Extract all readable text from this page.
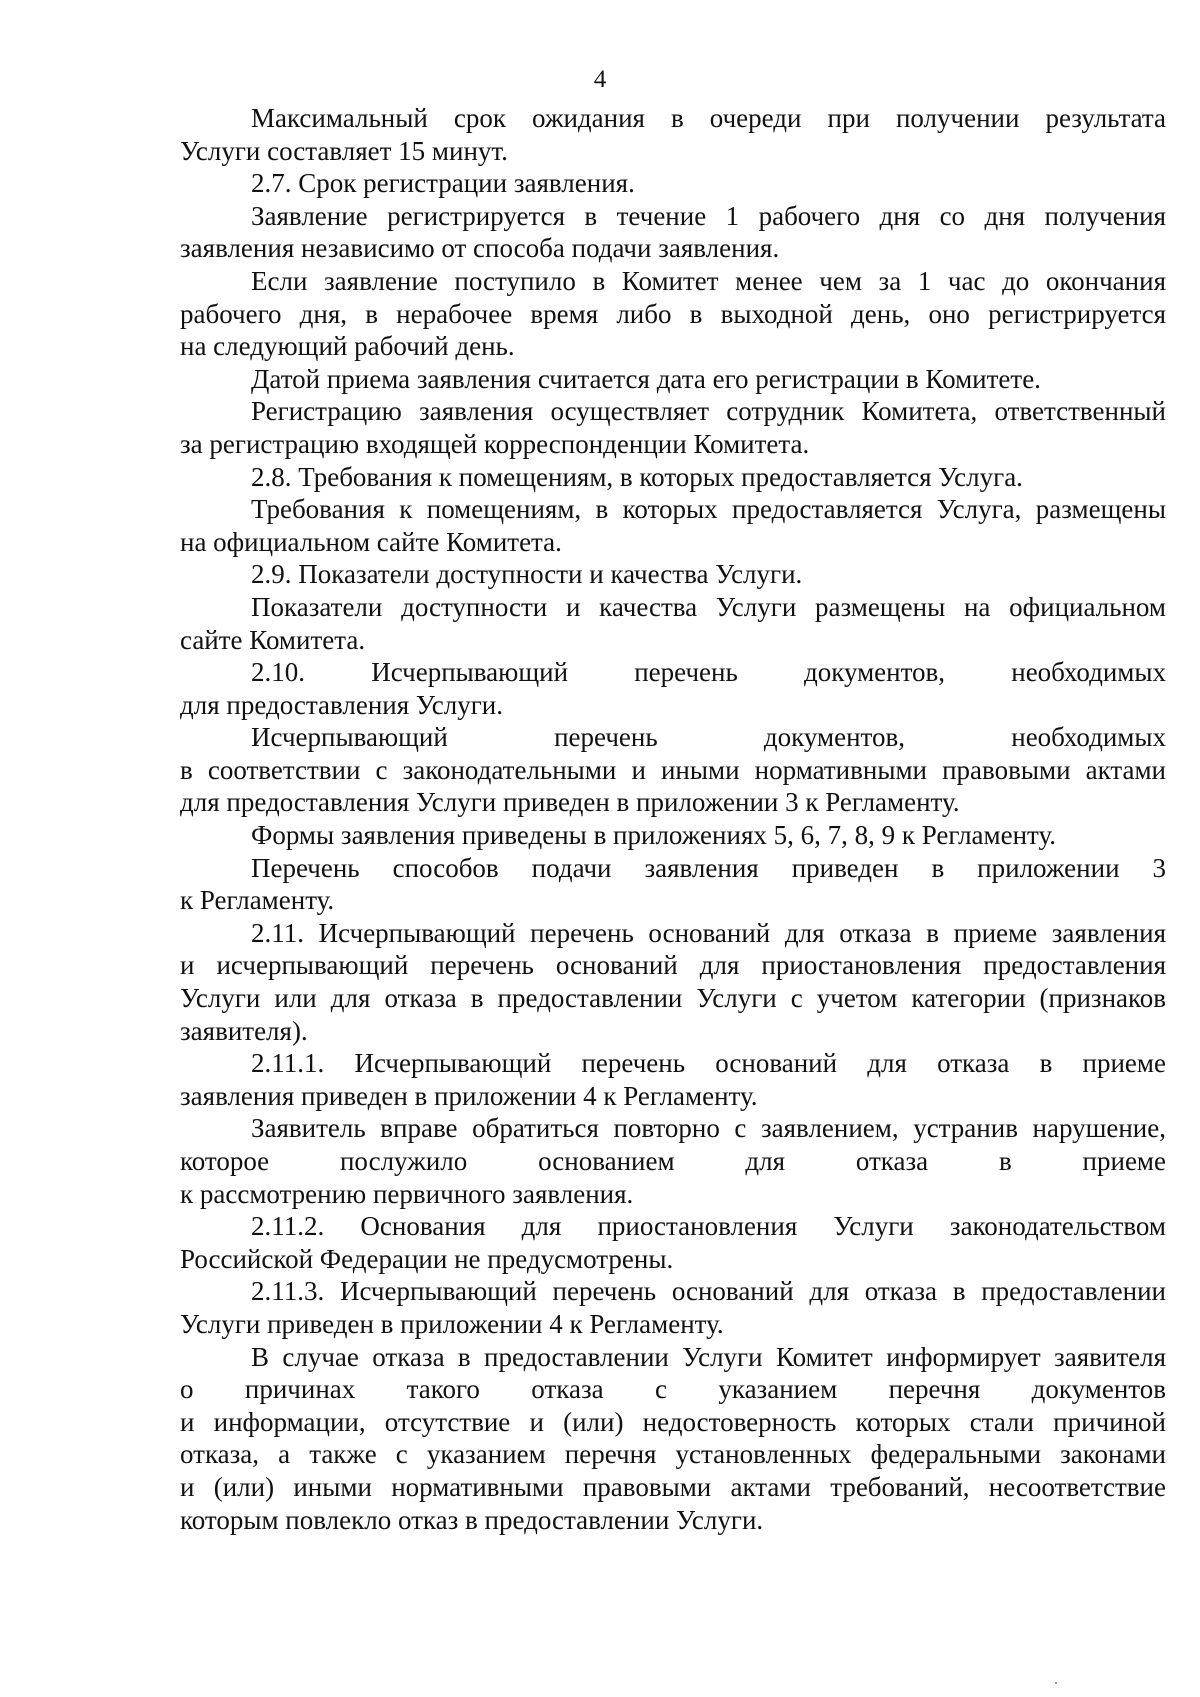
4

Максимальный срок ожидания в очереди при получении результата
Услуги составляет 15 минут.

2.7. Срок регистрации заявления.

Заявление регистрируется в течение 1 рабочего дня со дня получения
заявления независимо от способа подачи заявления.

Если заявление поступило в Комитет менее чем за 1 час до окончания
рабочего дня, в нерабочее время либо в выходной день, оно регистрируется
на следующий рабочий день.

Датой приема заявления считается дата его регистрации в Комитете.

Регистрацию заявления осуществляет сотрудник Комитета, ответственный
за регистрацию входящей корреспонденции Комитета.

2.8. Требования к помещениям, в которых предоставляется Услуга.

Требования к помещениям, в которых предоставляется Услуга, размещены
на официальном сайте Комитета.

2.9. Показатели доступности и качества Услуги.

Показатели доступности и качества Услуги размещены на официальном
сайте Комитета.

2.10. Исчерпывающий перечень документов, необходимых
для предоставления Услуги.

Исчерпывающий перечень документов, необходимых
в соответствии с законодательными и иными нормативными правовыми актами
для предоставления Услуги приведен в приложении 3 к Регламенту.

Формы заявления приведены в приложениях 5, 6, 7, 8, 9 к Регламенту.

Перечень способов подачи заявления приведен в приложении 3
к Регламенту.

2.11. Исчерпывающий перечень оснований для отказа в приеме заявления
и исчерпывающий перечень оснований для приостановления предоставления
Услуги или для отказа в предоставлении Услуги с учетом категории (признаков
заявителя).

2.11.1. Исчерпывающий перечень оснований для отказа в приеме
заявления приведен в приложении 4 к Регламенту.

Заявитель вправе обратиться повторно с заявлением, устранив нарушение,
которое послужило основанием для отказа в приеме
к рассмотрению первичного заявления.

2.11.2. Основания для приостановления Услуги законодательством
Российской Федерации не предусмотрены.

2.11.3. Исчерпывающий перечень оснований для отказа в предоставлении
Услуги приведен в приложении 4 к Регламенту.

В случае отказа в предоставлении Услуги Комитет информирует заявителя
о причинах такого отказа с указанием перечня документов
и информации, отсутствие и (или) недостоверность которых стали причиной
отказа, а также с указанием перечня установленных федеральными законами
и (или) иными нормативными правовыми актами требований, несоответствие
которым повлекло отказ в предоставлении Услуги.
